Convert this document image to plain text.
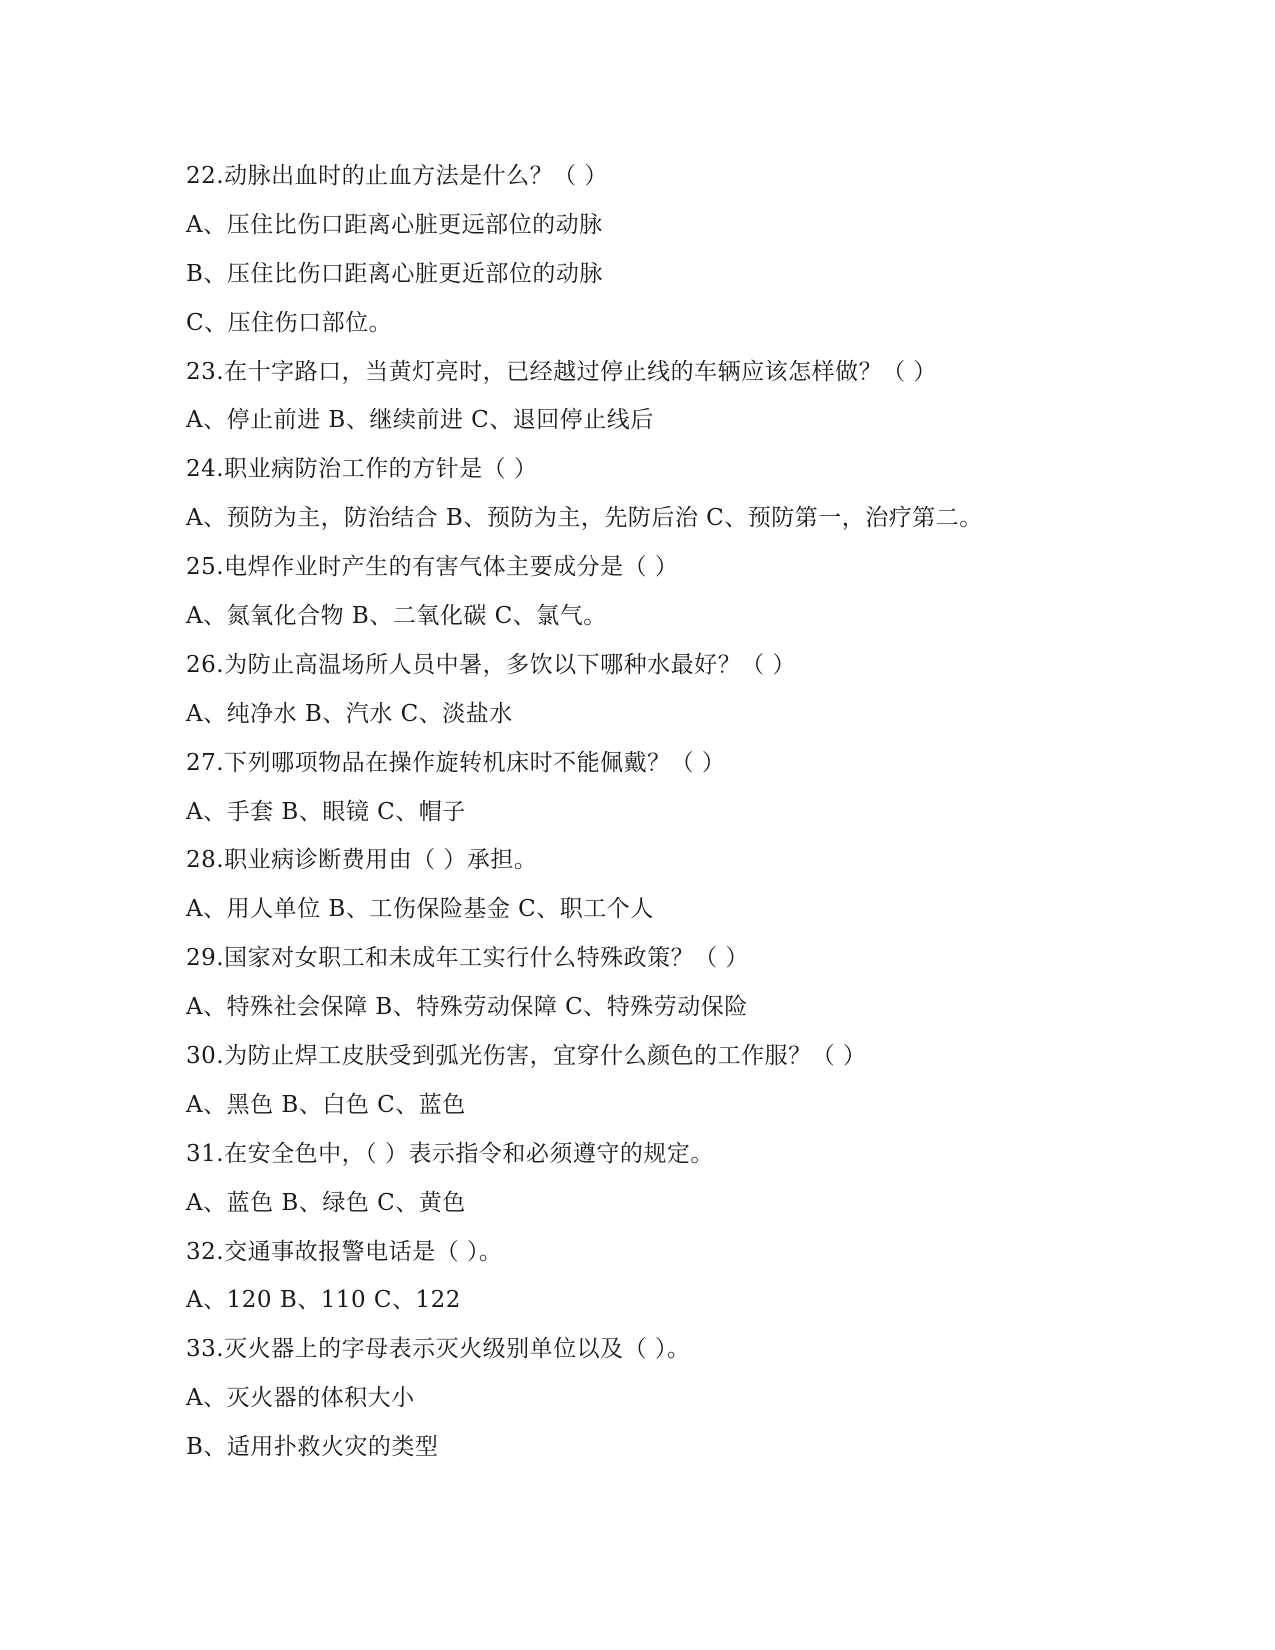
22.动脉出血时的止血方法是什么？（ ）
A、压住比伤口距离心脏更远部位的动脉
B、压住比伤口距离心脏更近部位的动脉
C、压住伤口部位。
23.在十字路口，当黄灯亮时，已经越过停止线的车辆应该怎样做？（ ）
A、停止前进 B、继续前进 C、退回停止线后
24.职业病防治工作的方针是（ ）
A、预防为主，防治结合 B、预防为主，先防后治 C、预防第一，治疗第二。
25.电焊作业时产生的有害气体主要成分是（ ）
A、氮氧化合物 B、二氧化碳 C、氯气。
26.为防止高温场所人员中暑，多饮以下哪种水最好？（ ）
A、纯净水 B、汽水 C、淡盐水
27.下列哪项物品在操作旋转机床时不能佩戴？（ ）
A、手套 B、眼镜 C、帽子
28.职业病诊断费用由（ ）承担。
A、用人单位 B、工伤保险基金 C、职工个人
29.国家对女职工和未成年工实行什么特殊政策？（ ）
A、特殊社会保障 B、特殊劳动保障 C、特殊劳动保险
30.为防止焊工皮肤受到弧光伤害，宜穿什么颜色的工作服？（ ）
A、黑色 B、白色 C、蓝色
31.在安全色中，（ ）表示指令和必须遵守的规定。
A、蓝色 B、绿色 C、黄色
32.交通事故报警电话是（ ）。
A、120 B、110 C、122
33.灭火器上的字母表示灭火级别单位以及（ ）。
A、灭火器的体积大小
B、适用扑救火灾的类型
